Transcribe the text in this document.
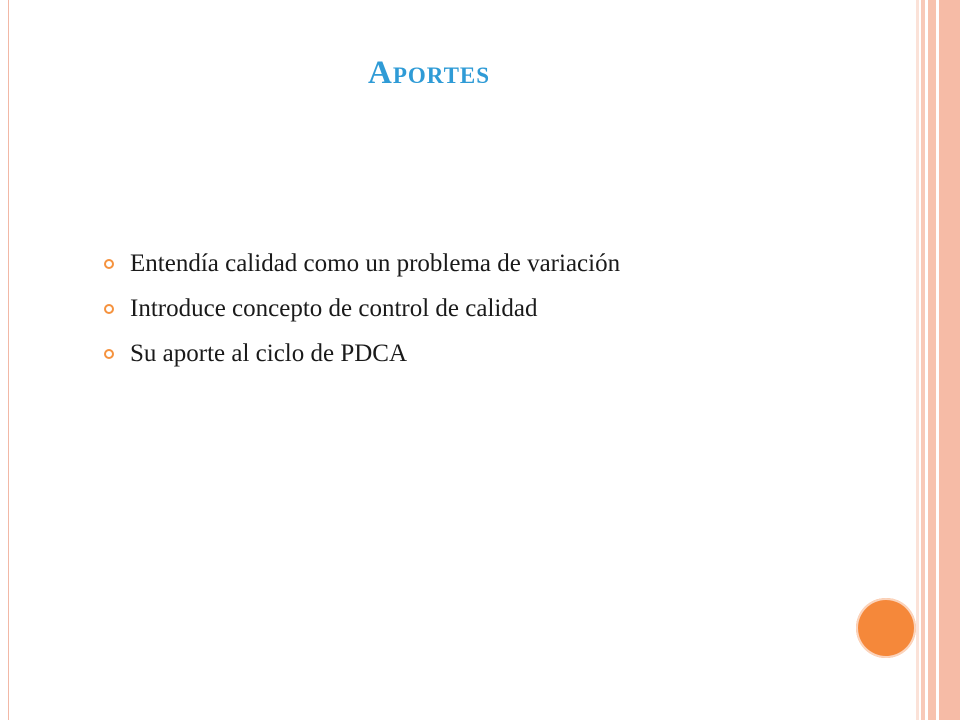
Aportes
Entendía calidad como un problema de variación
Introduce concepto de control de calidad
Su aporte al ciclo de PDCA
